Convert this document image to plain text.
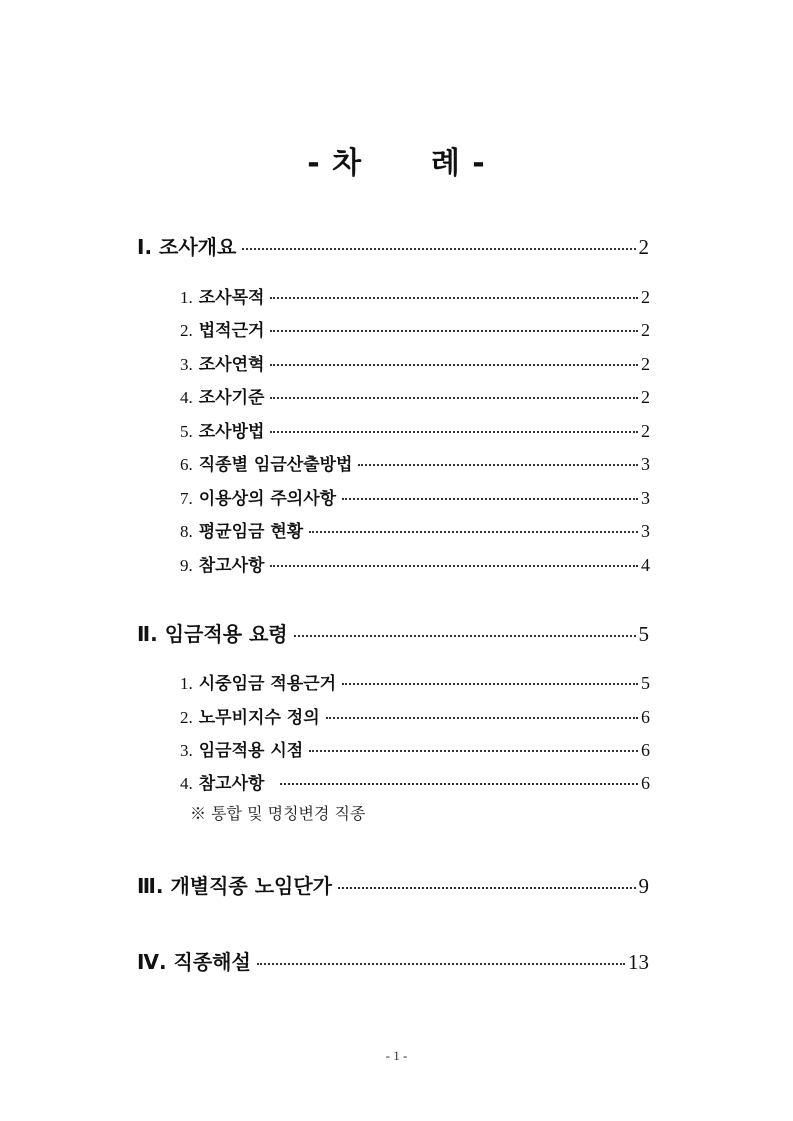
- 차      례 -
Ⅰ. 조사개요	2
1. 조사목적	2
2. 법적근거	2
3. 조사연혁	2
4. 조사기준	2
5. 조사방법	2
6. 직종별 임금산출방법	3
7. 이용상의 주의사항	3
8. 평균임금 현황	3
9. 참고사항	4
Ⅱ. 임금적용 요령	5
1. 시중임금 적용근거	5
2. 노무비지수 정의	6
3. 임금적용 시점	6
4. 참고사항	6
※ 통합 및 명칭변경 직종
Ⅲ. 개별직종 노임단가	9
Ⅳ. 직종해설	13
- 1 -
